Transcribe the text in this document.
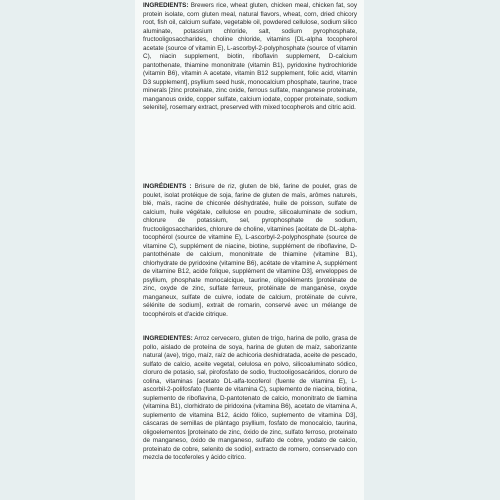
INGREDIENTS: Brewers rice, wheat gluten, chicken meal, chicken fat, soy protein isolate, corn gluten meal, natural flavors, wheat, corn, dried chicory root, fish oil, calcium sulfate, vegetable oil, powdered cellulose, sodium silico aluminate, potassium chloride, salt, sodium pyrophosphate, fructooligosaccharides, choline chloride, vitamins [DL-alpha tocopherol acetate (source of vitamin E), L-ascorbyl-2-polyphosphate (source of vitamin C), niacin supplement, biotin, riboflavin supplement, D-calcium pantothenate, thiamine mononitrate (vitamin B1), pyridoxine hydrochloride (vitamin B6), vitamin A acetate, vitamin B12 supplement, folic acid, vitamin D3 supplement], psyllium seed husk, monocalcium phosphate, taurine, trace minerals [zinc proteinate, zinc oxide, ferrous sulfate, manganese proteinate, manganous oxide, copper sulfate, calcium iodate, copper proteinate, sodium selenite], rosemary extract, preserved with mixed tocopherols and citric acid.

INGRÉDIENTS : Brisure de riz, gluten de blé, farine de poulet, gras de poulet, isolat protéique de soja, farine de gluten de maïs, arômes naturels, blé, maïs, racine de chicorée déshydratée, huile de poisson, sulfate de calcium, huile végétale, cellulose en poudre, silicoaluminate de sodium, chlorure de potassium, sel, pyrophosphate de sodium, fructooligosaccharides, chlorure de choline, vitamines [acétate de DL-alpha-tocophérol (source de vitamine E), L-ascorbyl-2-polyphosphate (source de vitamine C), supplément de niacine, biotine, supplément de riboflavine, D-pantothénate de calcium, mononitrate de thiamine (vitamine B1), chlorhydrate de pyridoxine (vitamine B6), acétate de vitamine A, supplément de vitamine B12, acide folique, supplément de vitamine D3], enveloppes de psyllium, phosphate monocalcique, taurine, oligoéléments [protéinate de zinc, oxyde de zinc, sulfate ferreux, protéinate de manganèse, oxyde manganeux, sulfate de cuivre, iodate de calcium, protéinate de cuivre, sélénite de sodium], extrait de romarin, conservé avec un mélange de tocophérols et d'acide citrique.

INGREDIENTES: Arroz cervecero, gluten de trigo, harina de pollo, grasa de pollo, aislado de proteína de soya, harina de gluten de maíz, saborizante natural (ave), trigo, maíz, raíz de achicoria deshidratada, aceite de pescado, sulfato de calcio, aceite vegetal, celulosa en polvo, silicoaluminato sódico, cloruro de potasio, sal, pirofosfato de sodio, fructooligosacáridos, cloruro de colina, vitaminas [acetato DL-alfa-tocoferol (fuente de vitamina E), L-ascorbil-2-polifosfato (fuente de vitamina C), suplemento de niacina, biotina, suplemento de riboflavina, D-pantotenato de calcio, mononitrato de tiamina (vitamina B1), clorhidrato de piridoxina (vitamina B6), acetato de vitamina A, suplemento de vitamina B12, ácido fólico, suplemento de vitamina D3], cáscaras de semillas de plántago psyllium, fosfato de monocalcio, taurina, oligoelementos [proteinato de zinc, óxido de zinc, sulfato ferroso, proteinato de manganeso, óxido de manganeso, sulfato de cobre, yodato de calcio, proteinato de cobre, selenito de sodio], extracto de romero, conservado con mezcla de tocoferoles y ácido cítrico.
